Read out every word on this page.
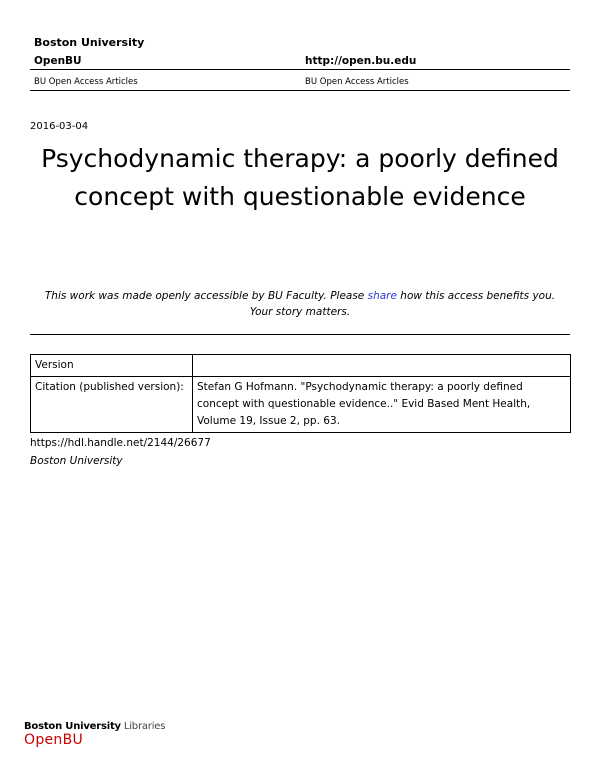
Boston University
OpenBU	http://open.bu.edu
BU Open Access Articles	BU Open Access Articles
2016-03-04
Psychodynamic therapy: a poorly defined concept with questionable evidence
This work was made openly accessible by BU Faculty. Please share how this access benefits you.
Your story matters.
Version	
Citation (published version):	Stefan G Hofmann. "Psychodynamic therapy: a poorly defined concept with questionable evidence.." Evid Based Ment Health, Volume 19, Issue 2, pp. 63.
https://hdl.handle.net/2144/26677
Boston University
Boston University Libraries
OpenBU
